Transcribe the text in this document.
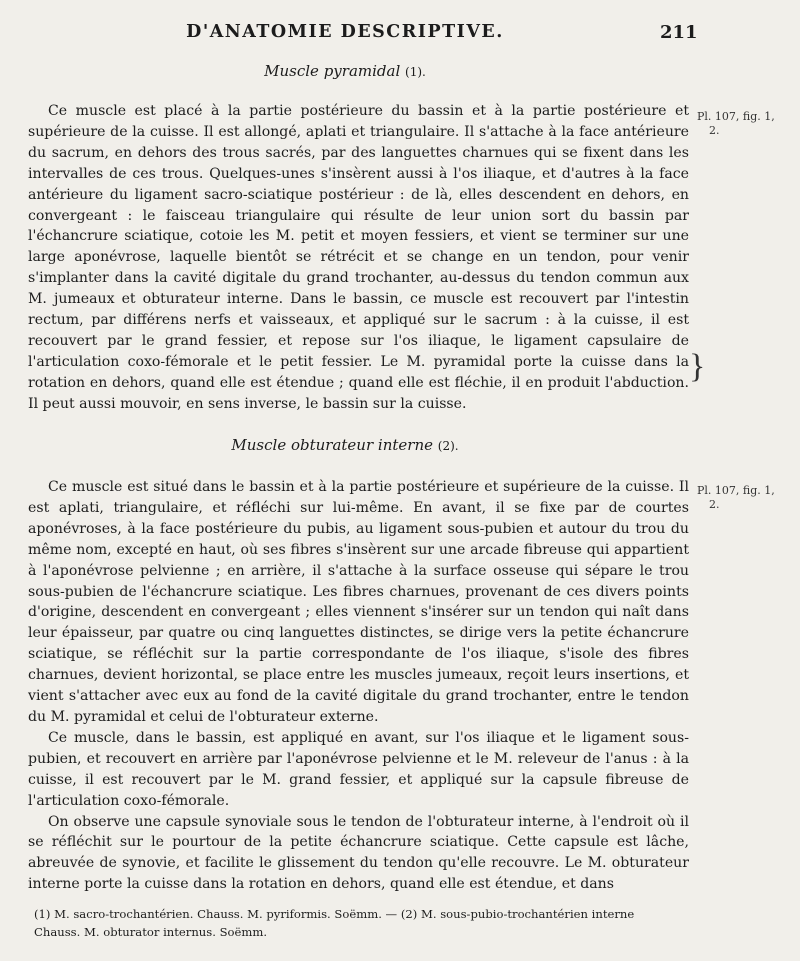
D'ANATOMIE DESCRIPTIVE.	211
Muscle pyramidal (1).

Ce muscle est placé à la partie postérieure du bassin et à la partie postérieure et supérieure de la cuisse. Il est allongé, aplati et triangulaire. Il s'attache à la face antérieure du sacrum, en dehors des trous sacrés, par des languettes charnues qui se fixent dans les intervalles de ces trous. Quelques-unes s'insèrent aussi à l'os iliaque, et d'autres à la face antérieure du ligament sacro-sciatique postérieur : de là, elles descendent en dehors, en convergeant : le faisceau triangulaire qui résulte de leur union sort du bassin par l'échancrure sciatique, cotoie les M. petit et moyen fessiers, et vient se terminer sur une large aponévrose, laquelle bientôt se rétrécit et se change en un tendon, pour venir s'implanter dans la cavité digitale du grand trochanter, au-dessus du tendon commun aux M. jumeaux et obturateur interne. Dans le bassin, ce muscle est recouvert par l'intestin rectum, par différens nerfs et vaisseaux, et appliqué sur le sacrum : à la cuisse, il est recouvert par le grand fessier, et repose sur l'os iliaque, le ligament capsulaire de l'articulation coxo-fémorale et le petit fessier. Le M. pyramidal porte la cuisse dans la rotation en dehors, quand elle est étendue ; quand elle est fléchie, il en produit l'abduction. Il peut aussi mouvoir, en sens inverse, le bassin sur la cuisse.

Pl. 107, fig. 1,
2.
}
Muscle obturateur interne (2).

Ce muscle est situé dans le bassin et à la partie postérieure et supérieure de la cuisse. Il est aplati, triangulaire, et réfléchi sur lui-même. En avant, il se fixe par de courtes aponévroses, à la face postérieure du pubis, au ligament sous-pubien et autour du trou du même nom, excepté en haut, où ses fibres s'insèrent sur une arcade fibreuse qui appartient à l'aponévrose pelvienne ; en arrière, il s'attache à la surface osseuse qui sépare le trou sous-pubien de l'échancrure sciatique. Les fibres charnues, provenant de ces divers points d'origine, descendent en convergeant ; elles viennent s'insérer sur un tendon qui naît dans leur épaisseur, par quatre ou cinq languettes distinctes, se dirige vers la petite échancrure sciatique, se réfléchit sur la partie correspondante de l'os iliaque, s'isole des fibres charnues, devient horizontal, se place entre les muscles jumeaux, reçoit leurs insertions, et vient s'attacher avec eux au fond de la cavité digitale du grand trochanter, entre le tendon du M. pyramidal et celui de l'obturateur externe.

Ce muscle, dans le bassin, est appliqué en avant, sur l'os iliaque et le ligament sous-pubien, et recouvert en arrière par l'aponévrose pelvienne et le M. releveur de l'anus : à la cuisse, il est recouvert par le M. grand fessier, et appliqué sur la capsule fibreuse de l'articulation coxo-fémorale.

On observe une capsule synoviale sous le tendon de l'obturateur interne, à l'endroit où il se réfléchit sur le pourtour de la petite échancrure sciatique. Cette capsule est lâche, abreuvée de synovie, et facilite le glissement du tendon qu'elle recouvre. Le M. obturateur interne porte la cuisse dans la rotation en dehors, quand elle est étendue, et dans

Pl. 107, fig. 1,
2.

(1) M. sacro-trochantérien. Chauss. M. pyriformis. Soëmm. — (2) M. sous-pubio-trochantérien interne

Chauss. M. obturator internus. Soëmm.
